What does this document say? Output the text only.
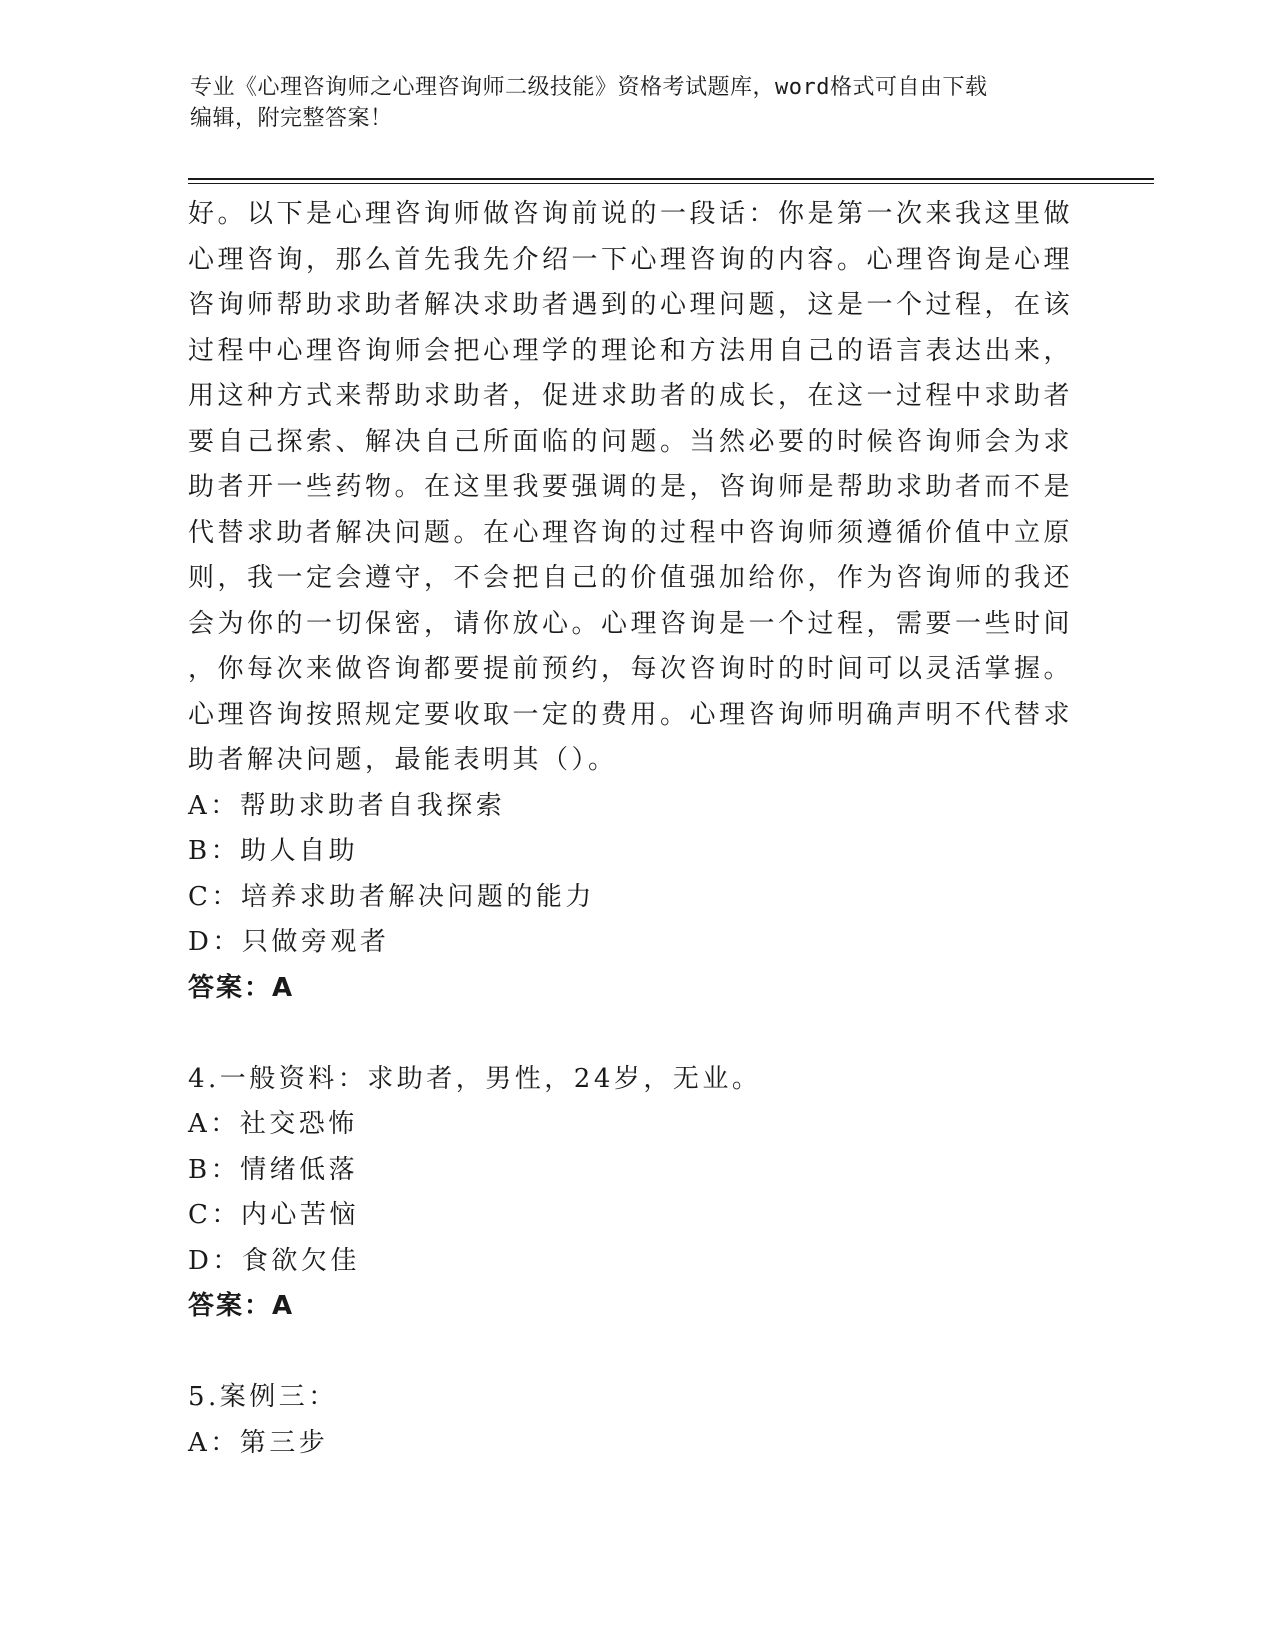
专业《心理咨询师之心理咨询师二级技能》资格考试题库，word格式可自由下载
编辑，附完整答案！
好。以下是心理咨询师做咨询前说的一段话：你是第一次来我这里做
心理咨询，那么首先我先介绍一下心理咨询的内容。心理咨询是心理
咨询师帮助求助者解决求助者遇到的心理问题，这是一个过程，在该
过程中心理咨询师会把心理学的理论和方法用自己的语言表达出来，
用这种方式来帮助求助者，促进求助者的成长，在这一过程中求助者
要自己探索、解决自己所面临的问题。当然必要的时候咨询师会为求
助者开一些药物。在这里我要强调的是，咨询师是帮助求助者而不是
代替求助者解决问题。在心理咨询的过程中咨询师须遵循价值中立原
则，我一定会遵守，不会把自己的价值强加给你，作为咨询师的我还
会为你的一切保密，请你放心。心理咨询是一个过程，需要一些时间
，你每次来做咨询都要提前预约，每次咨询时的时间可以灵活掌握。
心理咨询按照规定要收取一定的费用。心理咨询师明确声明不代替求
助者解决问题，最能表明其（）。
A：帮助求助者自我探索
B：助人自助
C：培养求助者解决问题的能力
D：只做旁观者
答案：A
4.一般资料：求助者，男性，24岁，无业。
A：社交恐怖
B：情绪低落
C：内心苦恼
D：食欲欠佳
答案：A
5.案例三：
A：第三步
